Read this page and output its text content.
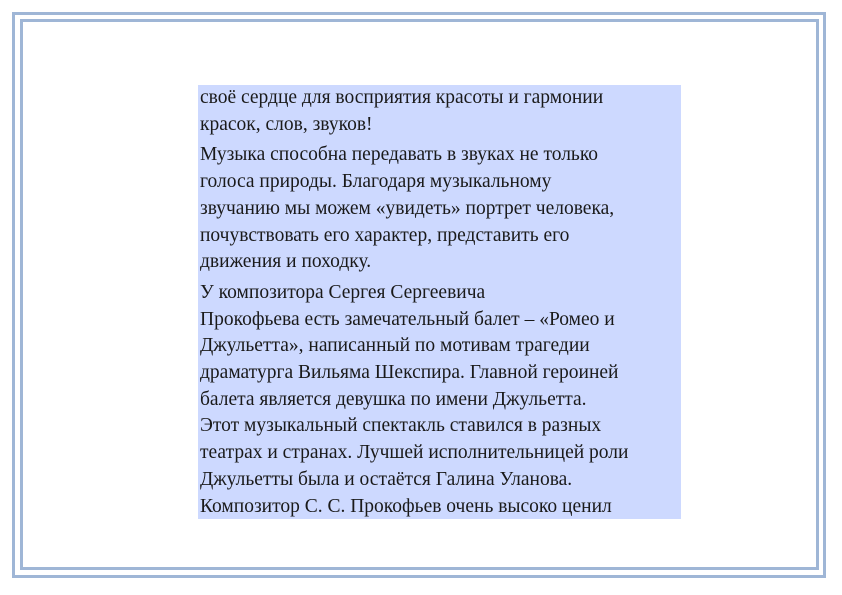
своё сердце для восприятия красоты и гармонии
красок, слов, звуков!

Музыка способна передавать в звуках не только
голоса природы. Благодаря музыкальному
звучанию мы можем «увидеть» портрет человека,
почувствовать его характер, представить его
движения и походку.

У композитора Сергея Сергеевича
Прокофьева есть замечательный балет – «Ромео и
Джульетта», написанный по мотивам трагедии
драматурга Вильяма Шекспира. Главной героиней
балета является девушка по имени Джульетта.
Этот музыкальный спектакль ставился в разных
театрах и странах. Лучшей исполнительницей роли
Джульетты была и остаётся Галина Уланова.
Композитор С. С. Прокофьев очень высоко ценил
